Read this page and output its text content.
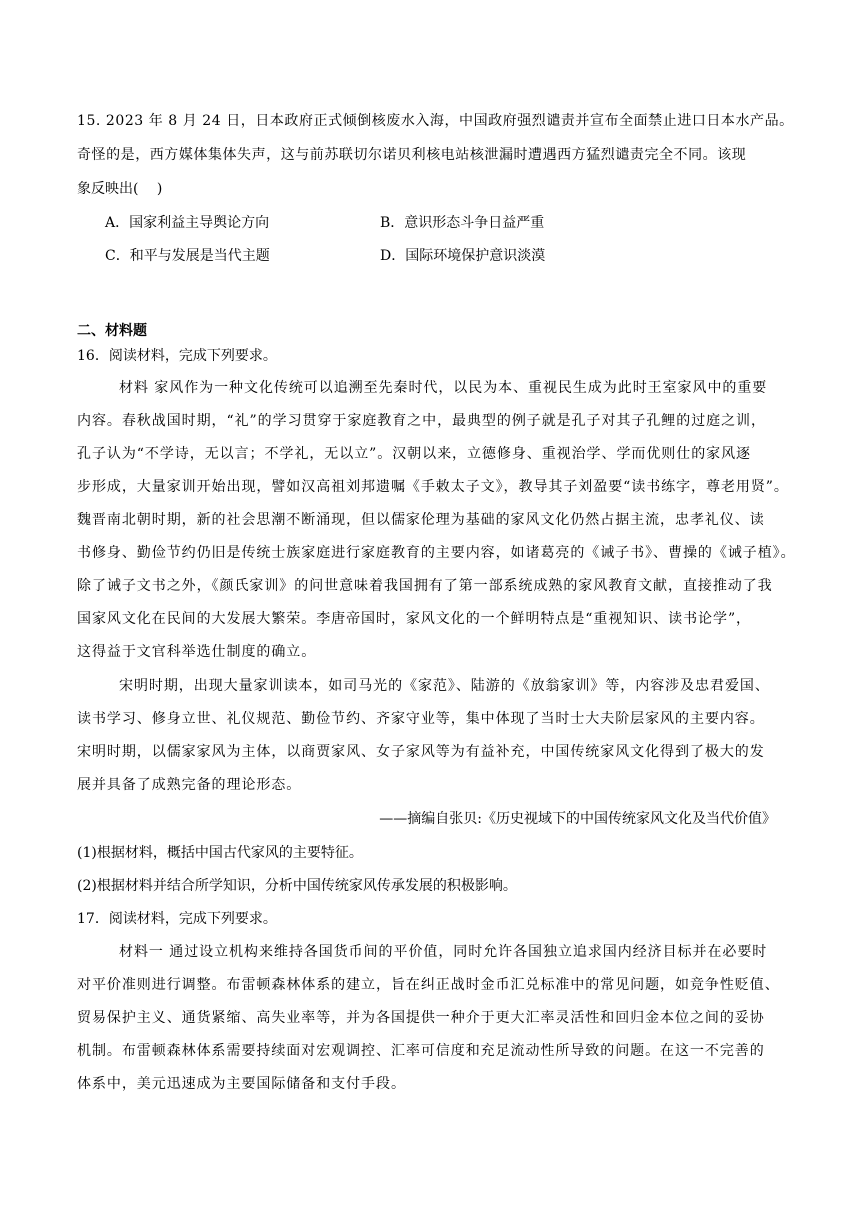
15. 2023 年 8 月 24 日，日本政府正式倾倒核废水入海，中国政府强烈谴责并宣布全面禁止进口日本水产品。
奇怪的是，西方媒体集体失声，这与前苏联切尔诺贝利核电站核泄漏时遭遇西方猛烈谴责完全不同。该现
象反映出(　 )
A．国家利益主导舆论方向	B．意识形态斗争日益严重
C．和平与发展是当代主题	D．国际环境保护意识淡漠
二、材料题
16．阅读材料，完成下列要求。
材料 家风作为一种文化传统可以追溯至先秦时代，以民为本、重视民生成为此时王室家风中的重要
内容。春秋战国时期，“礼”的学习贯穿于家庭教育之中，最典型的例子就是孔子对其子孔鲤的过庭之训，
孔子认为“不学诗，无以言；不学礼，无以立”。汉朝以来，立德修身、重视治学、学而优则仕的家风逐
步形成，大量家训开始出现，譬如汉高祖刘邦遗嘱《手敕太子文》，教导其子刘盈要“读书练字，尊老用贤”。
魏晋南北朝时期，新的社会思潮不断涌现，但以儒家伦理为基础的家风文化仍然占据主流，忠孝礼仪、读
书修身、勤俭节约仍旧是传统士族家庭进行家庭教育的主要内容，如诸葛亮的《诫子书》、曹操的《诫子植》。
除了诫子文书之外，《颜氏家训》的问世意味着我国拥有了第一部系统成熟的家风教育文献，直接推动了我
国家风文化在民间的大发展大繁荣。李唐帝国时，家风文化的一个鲜明特点是“重视知识、读书论学”，
这得益于文官科举选仕制度的确立。
宋明时期，出现大量家训读本，如司马光的《家范》、陆游的《放翁家训》等，内容涉及忠君爱国、
读书学习、修身立世、礼仪规范、勤俭节约、齐家守业等，集中体现了当时士大夫阶层家风的主要内容。
宋明时期，以儒家家风为主体，以商贾家风、女子家风等为有益补充，中国传统家风文化得到了极大的发
展并具备了成熟完备的理论形态。
——摘编自张贝:《历史视域下的中国传统家风文化及当代价值》
(1)根据材料，概括中国古代家风的主要特征。
(2)根据材料并结合所学知识，分析中国传统家风传承发展的积极影响。
17．阅读材料，完成下列要求。
材料一 通过设立机构来维持各国货币间的平价值，同时允许各国独立追求国内经济目标并在必要时
对平价准则进行调整。布雷顿森林体系的建立，旨在纠正战时金币汇兑标准中的常见问题，如竞争性贬值、
贸易保护主义、通货紧缩、高失业率等，并为各国提供一种介于更大汇率灵活性和回归金本位之间的妥协
机制。布雷顿森林体系需要持续面对宏观调控、汇率可信度和充足流动性所导致的问题。在这一不完善的
体系中，美元迅速成为主要国际储备和支付手段。
